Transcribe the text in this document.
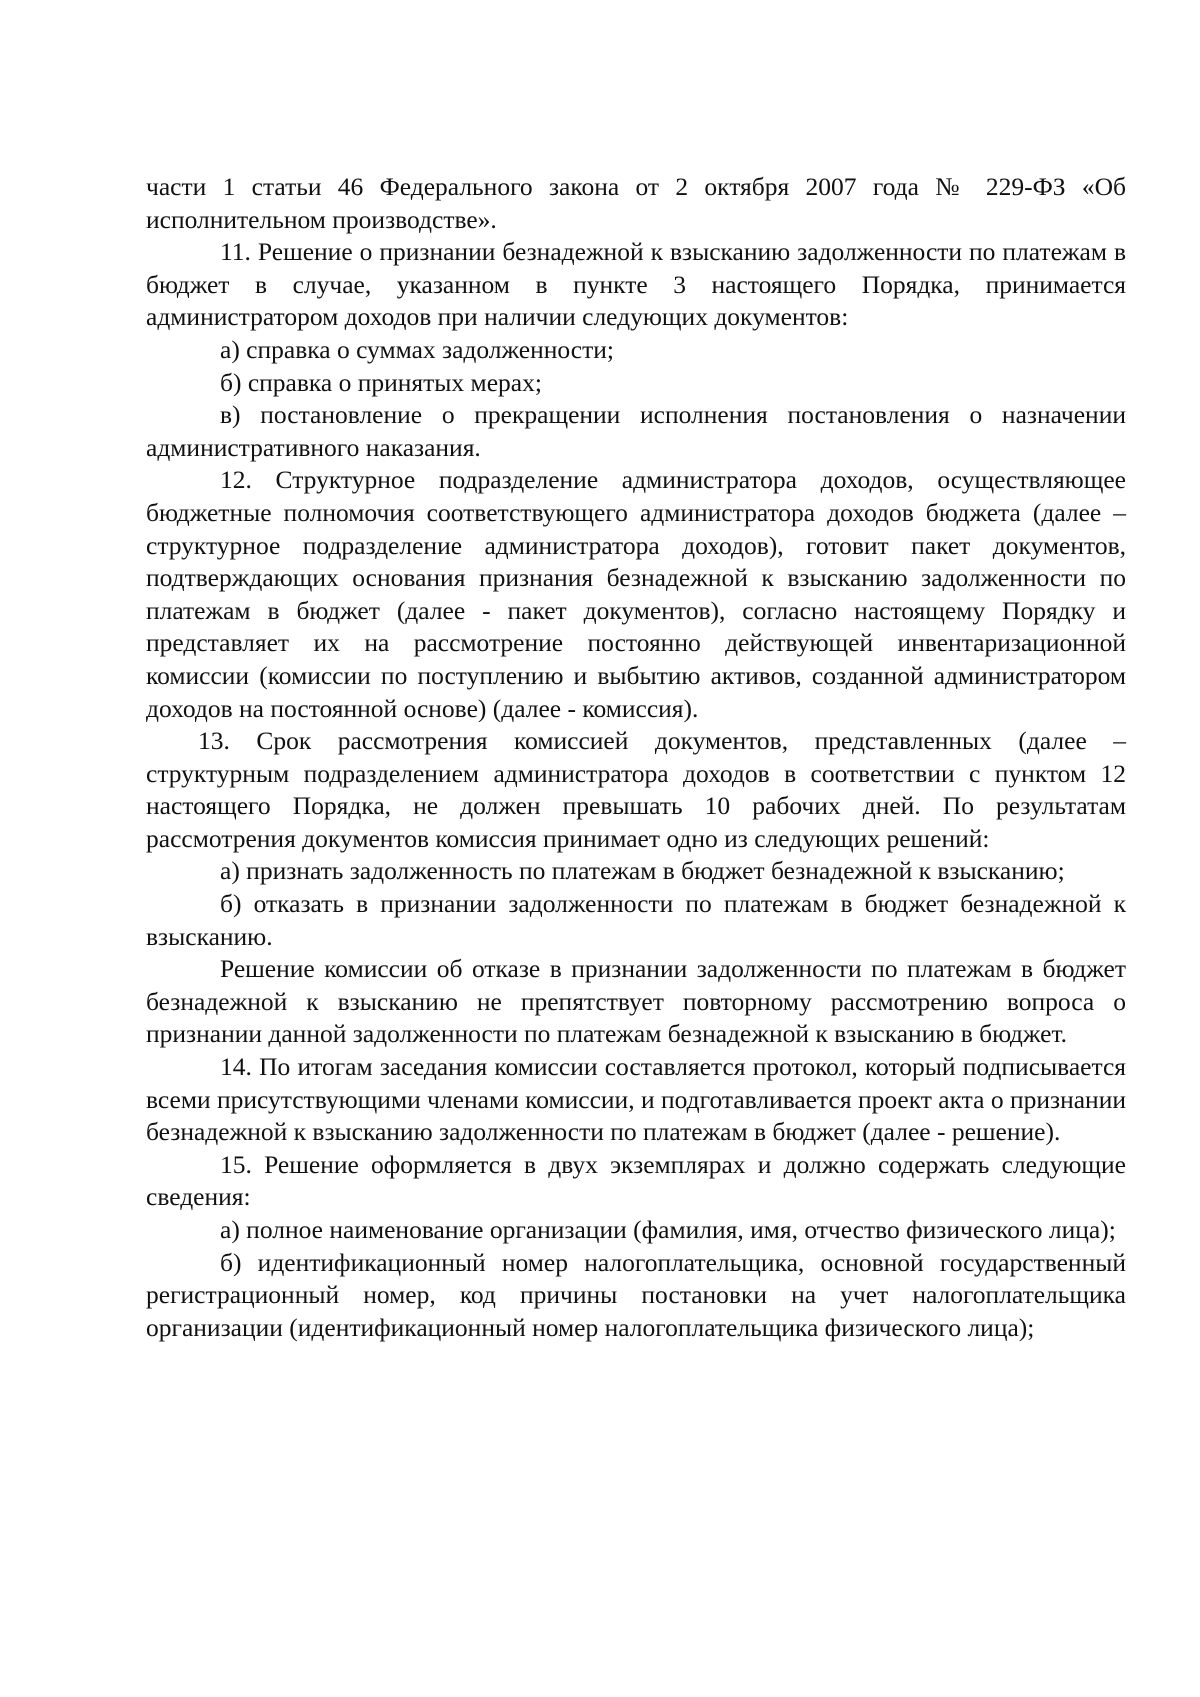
части 1 статьи 46 Федерального закона от 2 октября 2007 года № 229-ФЗ «Об исполнительном производстве».

11. Решение о признании безнадежной к взысканию задолженности по платежам в бюджет в случае, указанном в пункте 3 настоящего Порядка, принимается администратором доходов при наличии следующих документов:

а) справка о суммах задолженности;

б) справка о принятых мерах;

в) постановление о прекращении исполнения постановления о назначении административного наказания.

12. Структурное подразделение администратора доходов, осуществляющее бюджетные полномочия соответствующего администратора доходов бюджета (далее – структурное подразделение администратора доходов), готовит пакет документов, подтверждающих основания признания безнадежной к взысканию задолженности по платежам в бюджет (далее - пакет документов), согласно настоящему Порядку и представляет их на рассмотрение постоянно действующей инвентаризационной комиссии (комиссии по поступлению и выбытию активов, созданной администратором доходов на постоянной основе) (далее - комиссия).

13. Срок рассмотрения комиссией документов, представленных (далее – структурным подразделением администратора доходов в соответствии с пунктом 12 настоящего Порядка, не должен превышать 10 рабочих дней. По результатам рассмотрения документов комиссия принимает одно из следующих решений:

а) признать задолженность по платежам в бюджет безнадежной к взысканию;

б) отказать в признании задолженности по платежам в бюджет безнадежной к взысканию.

Решение комиссии об отказе в признании задолженности по платежам в бюджет безнадежной к взысканию не препятствует повторному рассмотрению вопроса о признании данной задолженности по платежам безнадежной к взысканию в бюджет.

14. По итогам заседания комиссии составляется протокол, который подписывается всеми присутствующими членами комиссии, и подготавливается проект акта о признании безнадежной к взысканию задолженности по платежам в бюджет (далее - решение).

15. Решение оформляется в двух экземплярах и должно содержать следующие сведения:

а) полное наименование организации (фамилия, имя, отчество физического лица);

б) идентификационный номер налогоплательщика, основной государственный регистрационный номер, код причины постановки на учет налогоплательщика организации (идентификационный номер налогоплательщика физического лица);
